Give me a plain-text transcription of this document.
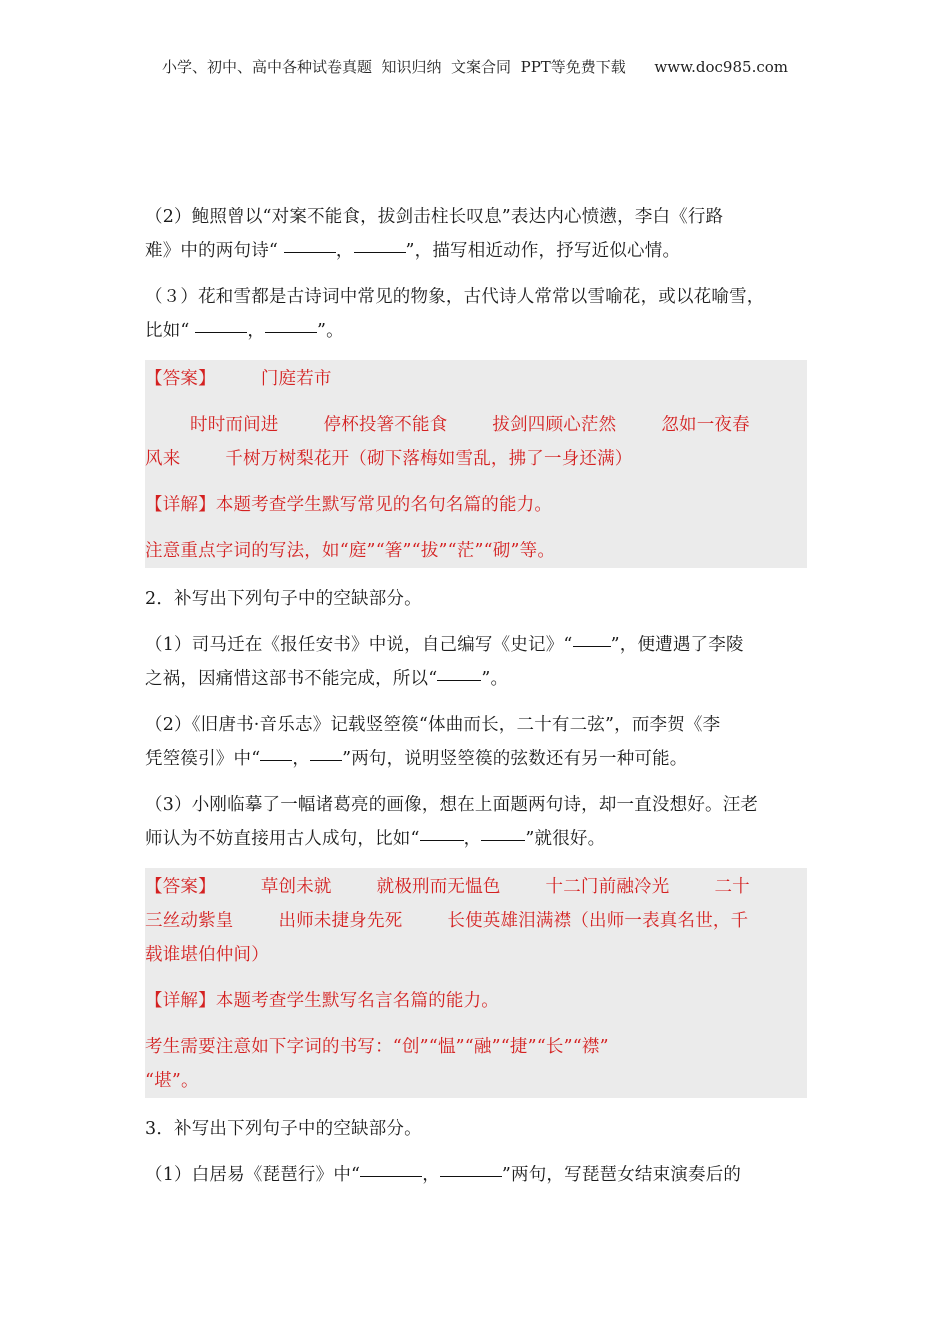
小学、初中、高中各种试卷真题  知识归纳  文案合同  PPT等免费下载      www.doc985.com

（2）鲍照曾以“对案不能食，拔剑击柱长叹息”表达内心愤懑，李白《行路

难》中的两句诗“	，	”，描写相近动作，抒写近似心情。

（３）花和雪都是古诗词中常见的物象，古代诗人常常以雪喻花，或以花喻雪，

比如“	，	”。

【答案】	门庭若市

时时而间进	停杯投箸不能食	拔剑四顾心茫然	忽如一夜春

风来	千树万树梨花开（砌下落梅如雪乱，拂了一身还满）

【详解】本题考查学生默写常见的名句名篇的能力。

注意重点字词的写法，如“庭”“箸”“拔”“茫”“砌”等。

2．补写出下列句子中的空缺部分。

（1）司马迁在《报任安书》中说，自己编写《史记》“ ”，便遭遇了李陵

之祸，因痛惜这部书不能完成，所以“	”。

（2）《旧唐书·音乐志》记载竖箜篌“体曲而长，二十有二弦”，而李贺《李

凭箜篌引》中“ ， ”两句，说明竖箜篌的弦数还有另一种可能。

（3）小刚临摹了一幅诸葛亮的画像，想在上面题两句诗，却一直没想好。汪老

师认为不妨直接用古人成句，比如“	，	”就很好。

【答案】	草创未就	就极刑而无愠色	十二门前融冷光	二十

三丝动紫皇	出师未捷身先死	长使英雄泪满襟（出师一表真名世，千

载谁堪伯仲间）

【详解】本题考查学生默写名言名篇的能力。

考生需要注意如下字词的书写：“创”“愠”“融”“捷”“长”“襟”

“堪”。

3．补写出下列句子中的空缺部分。

（1）白居易《琵琶行》中“	，	”两句，写琵琶女结束演奏后的
